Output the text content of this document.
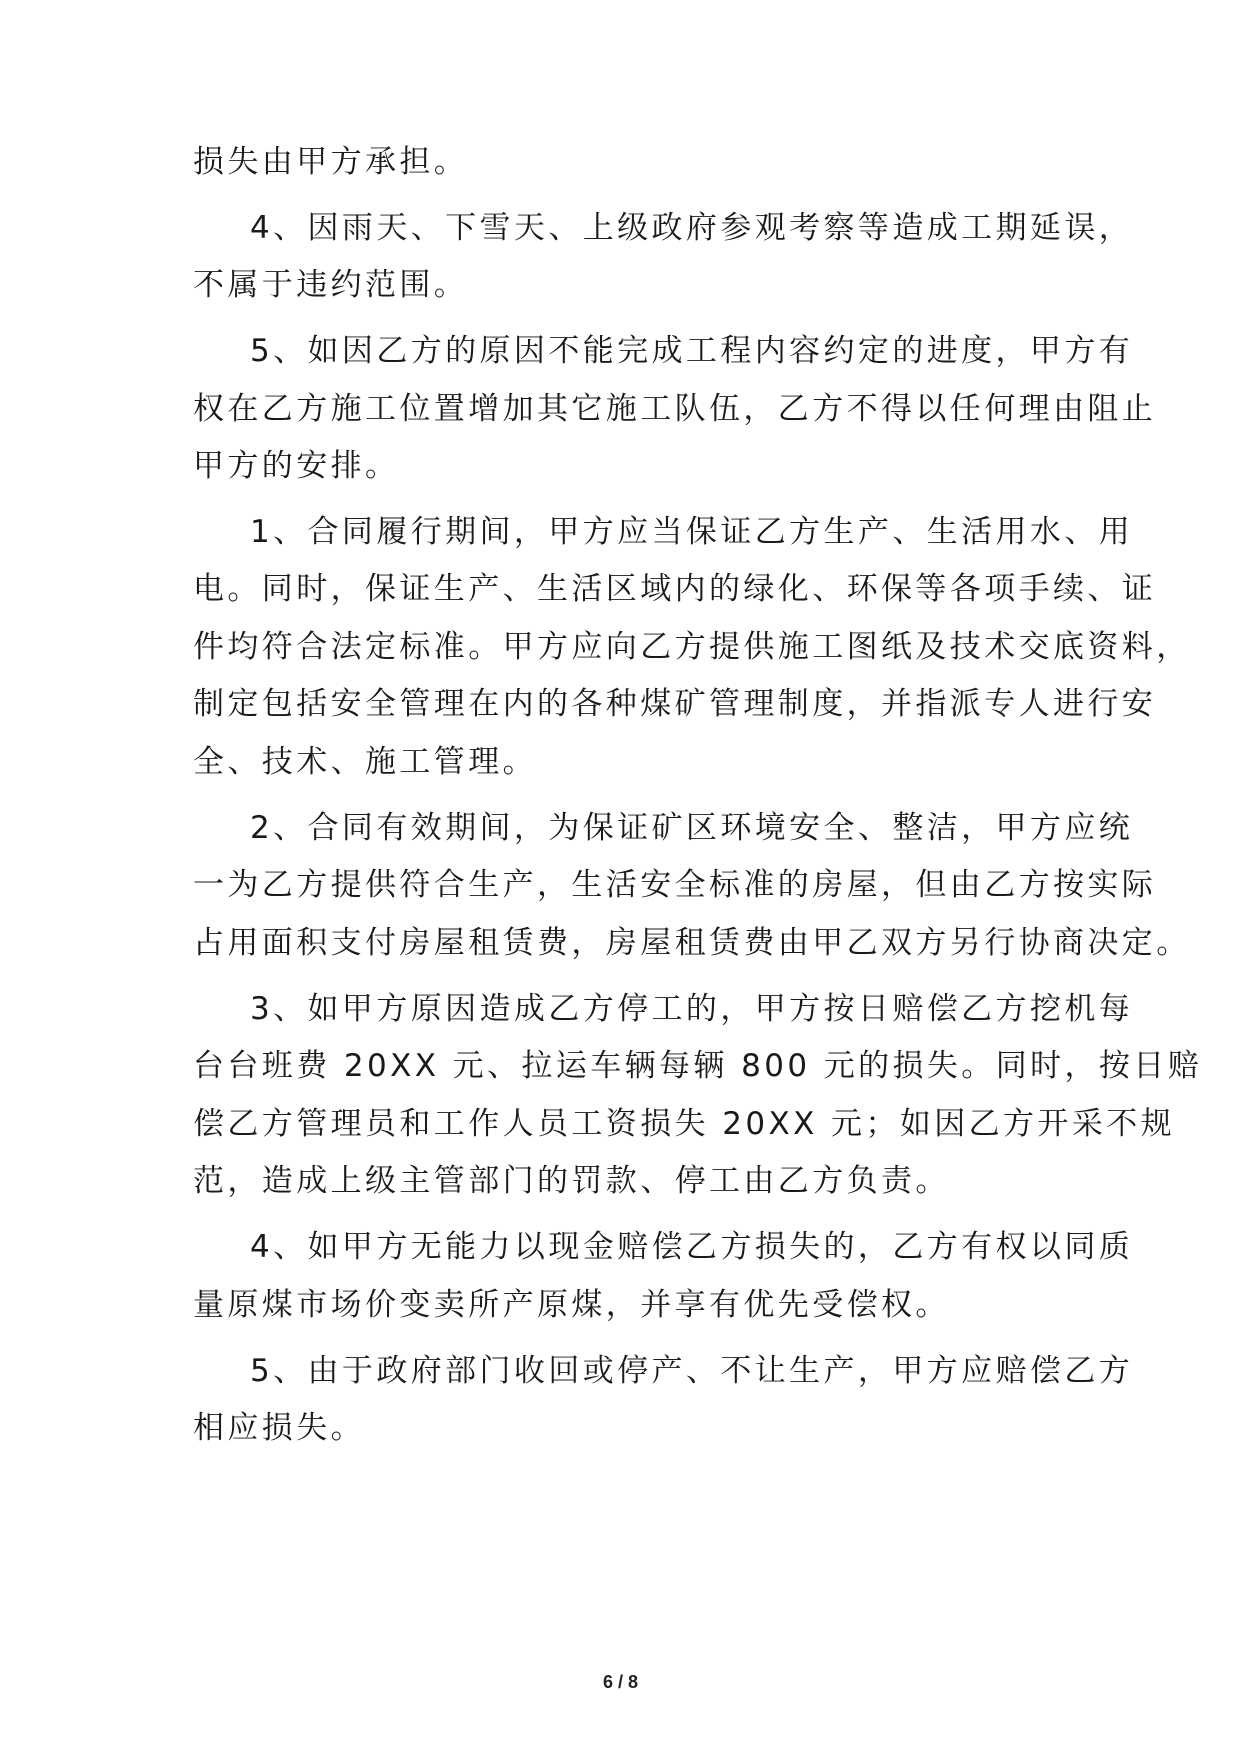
损失由甲方承担。
4、因雨天、下雪天、上级政府参观考察等造成工期延误，
不属于违约范围。
5、如因乙方的原因不能完成工程内容约定的进度，甲方有
权在乙方施工位置增加其它施工队伍，乙方不得以任何理由阻止
甲方的安排。
1、合同履行期间，甲方应当保证乙方生产、生活用水、用
电。同时，保证生产、生活区域内的绿化、环保等各项手续、证
件均符合法定标准。甲方应向乙方提供施工图纸及技术交底资料，
制定包括安全管理在内的各种煤矿管理制度，并指派专人进行安
全、技术、施工管理。
2、合同有效期间，为保证矿区环境安全、整洁，甲方应统
一为乙方提供符合生产，生活安全标准的房屋，但由乙方按实际
占用面积支付房屋租赁费，房屋租赁费由甲乙双方另行协商决定。
3、如甲方原因造成乙方停工的，甲方按日赔偿乙方挖机每
台台班费 20XX 元、拉运车辆每辆 800 元的损失。同时，按日赔
偿乙方管理员和工作人员工资损失 20XX 元；如因乙方开采不规
范，造成上级主管部门的罚款、停工由乙方负责。
4、如甲方无能力以现金赔偿乙方损失的，乙方有权以同质
量原煤市场价变卖所产原煤，并享有优先受偿权。
5、由于政府部门收回或停产、不让生产，甲方应赔偿乙方
相应损失。
6 / 8
